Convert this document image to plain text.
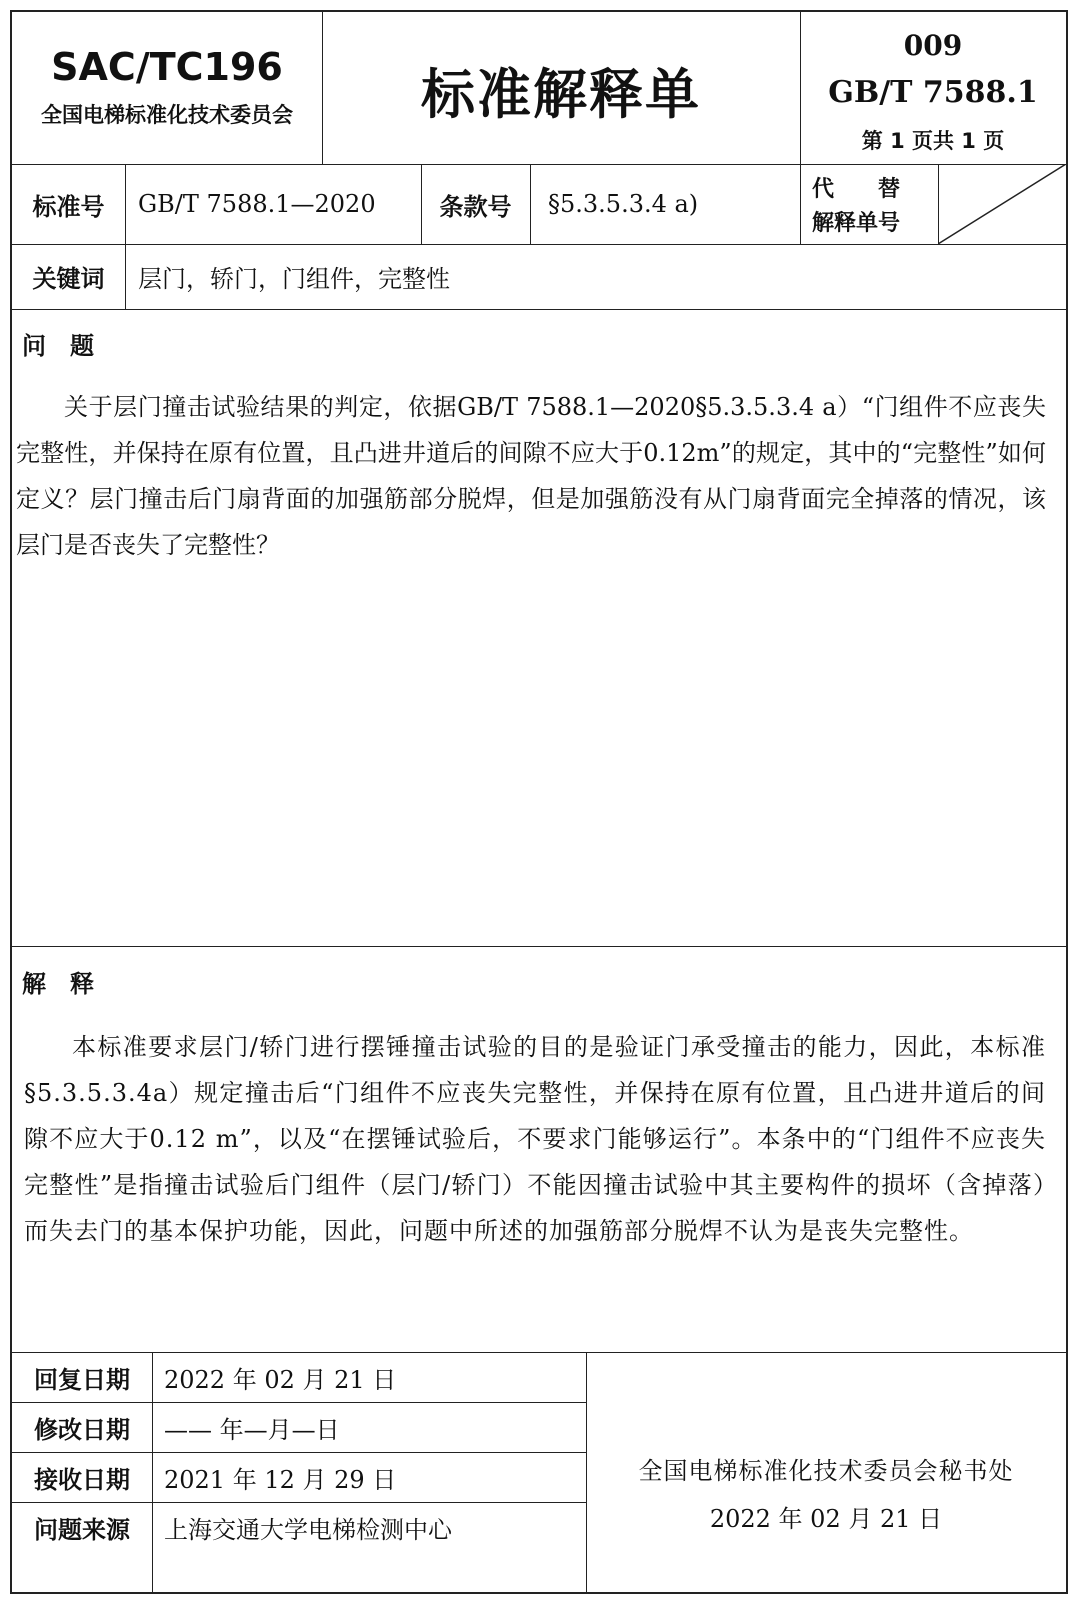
SAC/TC196
全国电梯标准化技术委员会	标准解释单
009
GB/T 7588.1
第 1 页共 1 页
标准号	GB/T 7588.1—2020	条款号	§5.3.5.3.4 a)
代　　替
解释单号
关键词	层门，轿门，门组件，完整性
问　题
关于层门撞击试验结果的判定，依据GB/T 7588.1—2020§5.3.5.3.4 a）“门组件不应丧失完整性，并保持在原有位置，且凸进井道后的间隙不应大于0.12m”的规定，其中的“完整性”如何定义？层门撞击后门扇背面的加强筋部分脱焊，但是加强筋没有从门扇背面完全掉落的情况，该层门是否丧失了完整性？
解　释
本标准要求层门/轿门进行摆锤撞击试验的目的是验证门承受撞击的能力，因此，本标准§5.3.5.3.4a）规定撞击后“门组件不应丧失完整性，并保持在原有位置，且凸进井道后的间隙不应大于0.12 m”，以及“在摆锤试验后，不要求门能够运行”。本条中的“门组件不应丧失完整性”是指撞击试验后门组件（层门/轿门）不能因撞击试验中其主要构件的损坏（含掉落）而失去门的基本保护功能，因此，问题中所述的加强筋部分脱焊不认为是丧失完整性。
回复日期	2022 年 02 月 21 日
修改日期	—— 年—月—日
接收日期	2021 年 12 月 29 日
问题来源	上海交通大学电梯检测中心
全国电梯标准化技术委员会秘书处
2022 年 02 月 21 日
